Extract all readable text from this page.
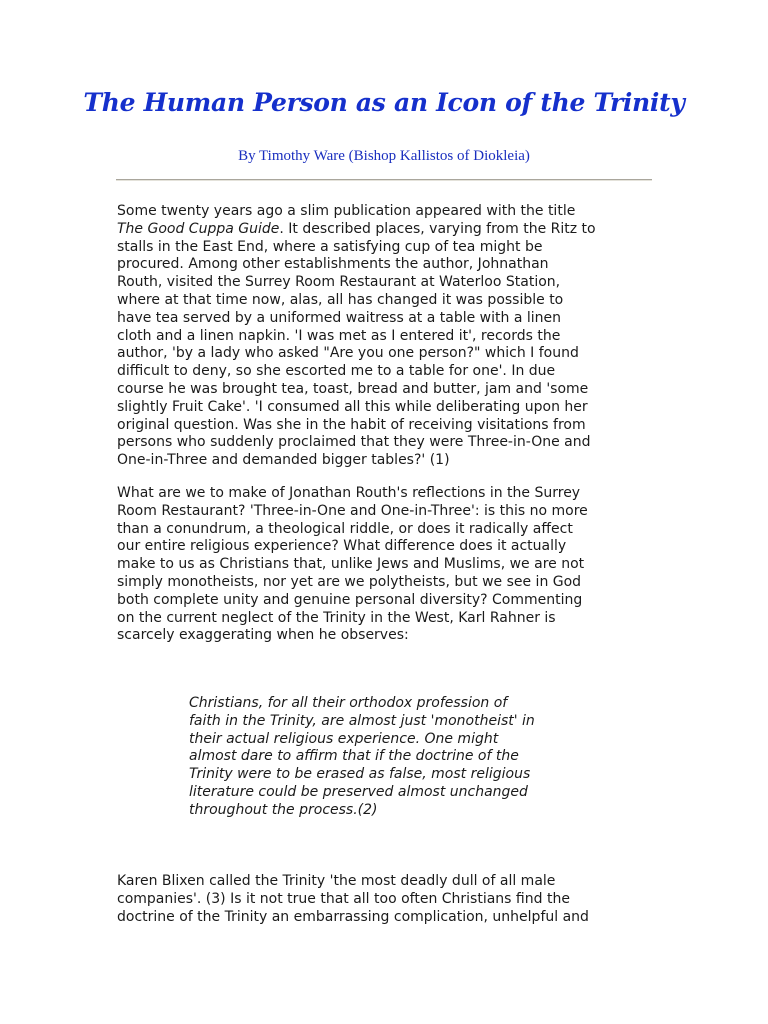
The Human Person as an Icon of the Trinity

By Timothy Ware (Bishop Kallistos of Diokleia)

Some twenty years ago a slim publication appeared with the title
The Good Cuppa Guide. It described places, varying from the Ritz to
stalls in the East End, where a satisfying cup of tea might be
procured. Among other establishments the author, Johnathan
Routh, visited the Surrey Room Restaurant at Waterloo Station,
where at that time now, alas, all has changed it was possible to
have tea served by a uniformed waitress at a table with a linen
cloth and a linen napkin. 'I was met as I entered it', records the
author, 'by a lady who asked "Are you one person?" which I found
difficult to deny, so she escorted me to a table for one'. In due
course he was brought tea, toast, bread and butter, jam and 'some
slightly Fruit Cake'. 'I consumed all this while deliberating upon her
original question. Was she in the habit of receiving visitations from
persons who suddenly proclaimed that they were Three-in-One and
One-in-Three and demanded bigger tables?' (1)

What are we to make of Jonathan Routh's reflections in the Surrey
Room Restaurant? 'Three-in-One and One-in-Three': is this no more
than a conundrum, a theological riddle, or does it radically affect
our entire religious experience? What difference does it actually
make to us as Christians that, unlike Jews and Muslims, we are not
simply monotheists, nor yet are we polytheists, but we see in God
both complete unity and genuine personal diversity? Commenting
on the current neglect of the Trinity in the West, Karl Rahner is
scarcely exaggerating when he observes:

Christians, for all their orthodox profession of
faith in the Trinity, are almost just 'monotheist' in
their actual religious experience. One might
almost dare to affirm that if the doctrine of the
Trinity were to be erased as false, most religious
literature could be preserved almost unchanged
throughout the process.(2)

Karen Blixen called the Trinity 'the most deadly dull of all male
companies'. (3) Is it not true that all too often Christians find the
doctrine of the Trinity an embarrassing complication, unhelpful and
